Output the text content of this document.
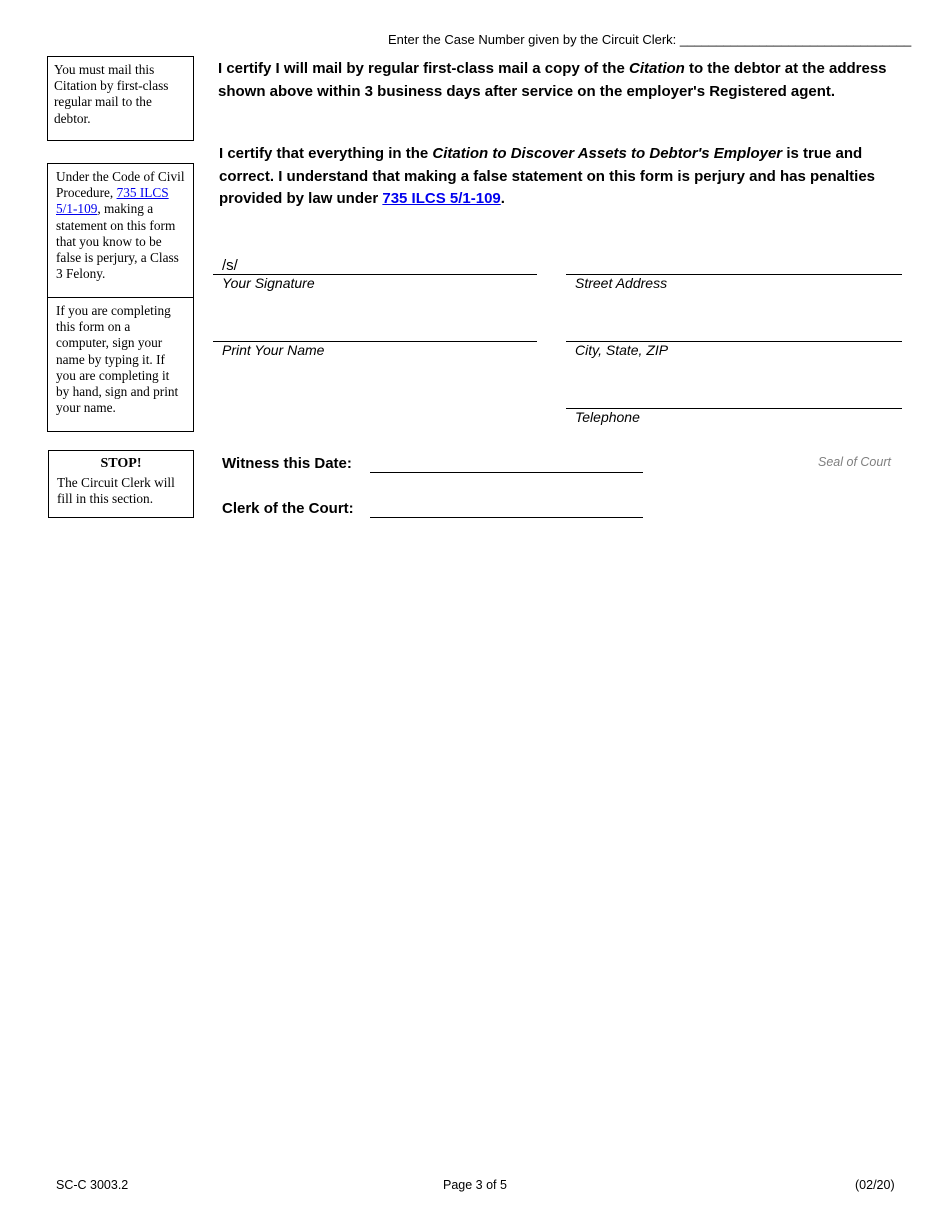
Enter the Case Number given by the Circuit Clerk: ________________________________
You must mail this Citation by first-class regular mail to the debtor.
Under the Code of Civil Procedure, 735 ILCS 5/1-109, making a statement on this form that you know to be false is perjury, a Class 3 Felony.
If you are completing this form on a computer, sign your name by typing it. If you are completing it by hand, sign and print your name.
STOP!
The Circuit Clerk will fill in this section.
I certify I will mail by regular first-class mail a copy of the Citation to the debtor at the address shown above within 3 business days after service on the employer's Registered agent.
I certify that everything in the Citation to Discover Assets to Debtor's Employer is true and correct. I understand that making a false statement on this form is perjury and has penalties provided by law under 735 ILCS 5/1-109.
/s/
Your Signature	Street Address
Print Your Name	City, State, ZIP
Telephone
Witness this Date:
Clerk of the Court:
Seal of Court
SC-C 3003.2	Page 3 of 5	(02/20)
